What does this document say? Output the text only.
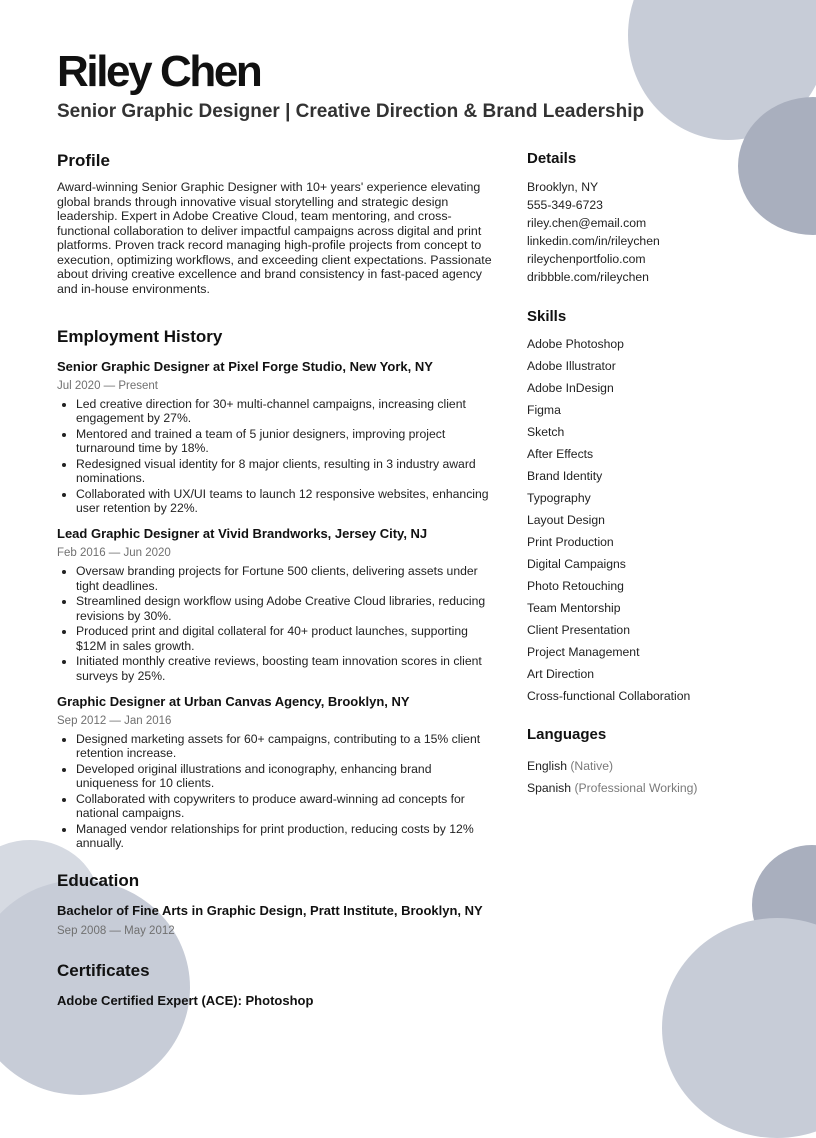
Riley Chen

Senior Graphic Designer | Creative Direction & Brand Leadership

Profile

Award-winning Senior Graphic Designer with 10+ years' experience elevating global brands through innovative visual storytelling and strategic design leadership. Expert in Adobe Creative Cloud, team mentoring, and cross-functional collaboration to deliver impactful campaigns across digital and print platforms. Proven track record managing high-profile projects from concept to execution, optimizing workflows, and exceeding client expectations. Passionate about driving creative excellence and brand consistency in fast-paced agency and in-house environments.

Employment History

Senior Graphic Designer at Pixel Forge Studio, New York, NY

Jul 2020 — Present

• Led creative direction for 30+ multi-channel campaigns, increasing client engagement by 27%.
• Mentored and trained a team of 5 junior designers, improving project turnaround time by 18%.
• Redesigned visual identity for 8 major clients, resulting in 3 industry award nominations.
• Collaborated with UX/UI teams to launch 12 responsive websites, enhancing user retention by 22%.

Lead Graphic Designer at Vivid Brandworks, Jersey City, NJ

Feb 2016 — Jun 2020

• Oversaw branding projects for Fortune 500 clients, delivering assets under tight deadlines.
• Streamlined design workflow using Adobe Creative Cloud libraries, reducing revisions by 30%.
• Produced print and digital collateral for 40+ product launches, supporting $12M in sales growth.
• Initiated monthly creative reviews, boosting team innovation scores in client surveys by 25%.

Graphic Designer at Urban Canvas Agency, Brooklyn, NY

Sep 2012 — Jan 2016

• Designed marketing assets for 60+ campaigns, contributing to a 15% client retention increase.
• Developed original illustrations and iconography, enhancing brand uniqueness for 10 clients.
• Collaborated with copywriters to produce award-winning ad concepts for national campaigns.
• Managed vendor relationships for print production, reducing costs by 12% annually.
Education

Bachelor of Fine Arts in Graphic Design, Pratt Institute, Brooklyn, NY

Sep 2008 — May 2012

Certificates

Adobe Certified Expert (ACE): Photoshop

Details
Brooklyn, NY
555-349-6723
riley.chen@email.com
linkedin.com/in/rileychen
rileychenportfolio.com
dribbble.com/rileychen
Skills
Adobe Photoshop
Adobe Illustrator
Adobe InDesign
Figma
Sketch
After Effects
Brand Identity
Typography
Layout Design
Print Production
Digital Campaigns
Photo Retouching
Team Mentorship
Client Presentation
Project Management
Art Direction
Cross-functional Collaboration
Languages
English (Native)
Spanish (Professional Working)
